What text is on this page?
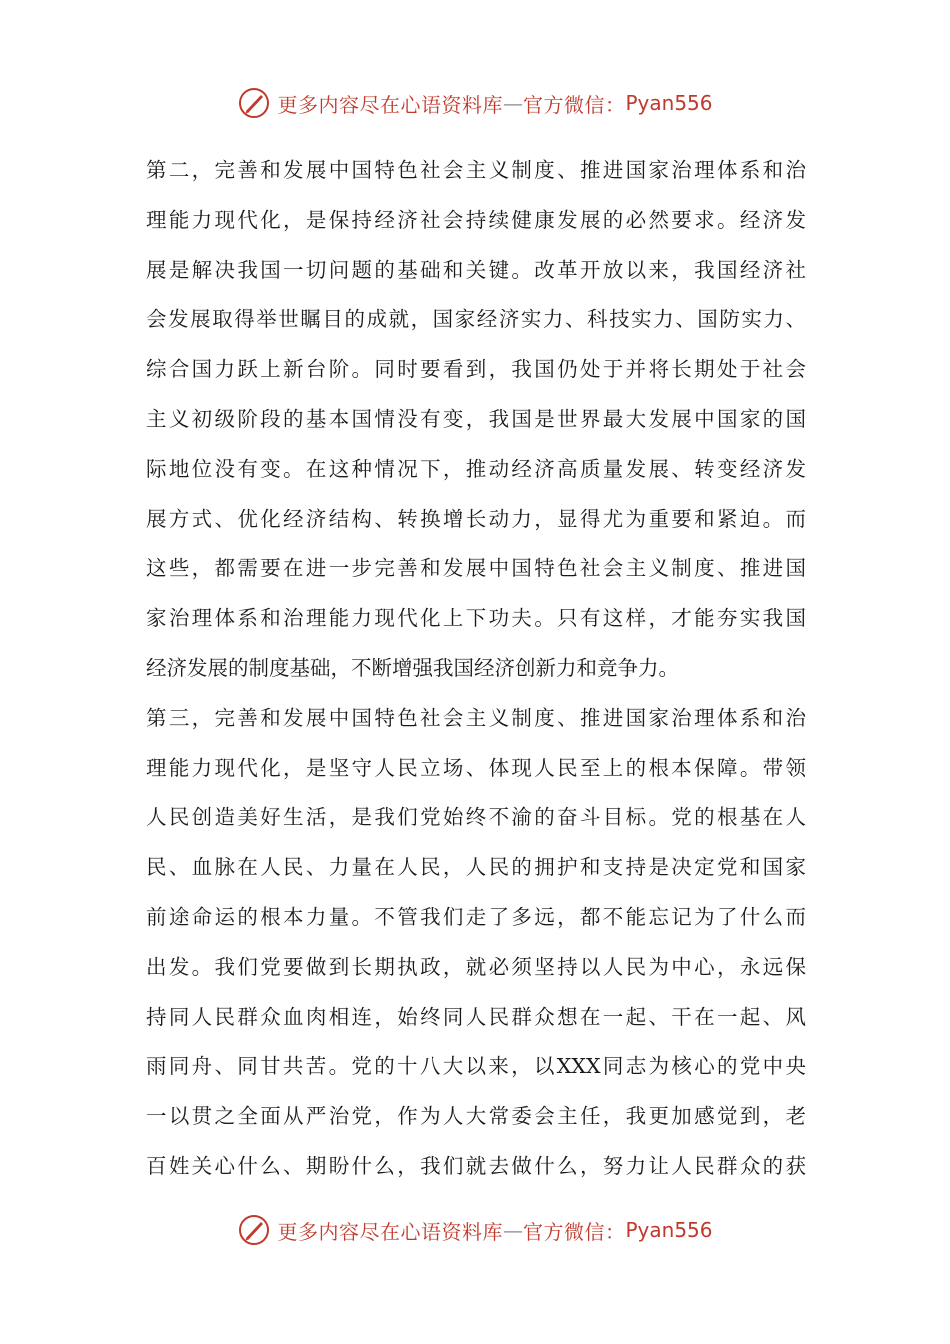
更多内容尽在心语资料库 — 官方微信： Pyan556
第二，完善和发展中国特色社会主义制度、推进国家治理体系和治
理能力现代化，是保持经济社会持续健康发展的必然要求。经济发
展是解决我国一切问题的基础和关键。改革开放以来，我国经济社
会发展取得举世瞩目的成就，国家经济实力、科技实力、国防实力、
综合国力跃上新台阶。同时要看到，我国仍处于并将长期处于社会
主义初级阶段的基本国情没有变，我国是世界最大发展中国家的国
际地位没有变。在这种情况下，推动经济高质量发展、转变经济发
展方式、优化经济结构、转换增长动力，显得尤为重要和紧迫。而
这些，都需要在进一步完善和发展中国特色社会主义制度、推进国
家治理体系和治理能力现代化上下功夫。只有这样，才能夯实我国
经济发展的制度基础，不断增强我国经济创新力和竞争力。
第三，完善和发展中国特色社会主义制度、推进国家治理体系和治
理能力现代化，是坚守人民立场、体现人民至上的根本保障。带领
人民创造美好生活，是我们党始终不渝的奋斗目标。党的根基在人
民、血脉在人民、力量在人民，人民的拥护和支持是决定党和国家
前途命运的根本力量。不管我们走了多远，都不能忘记为了什么而
出发。我们党要做到长期执政，就必须坚持以人民为中心，永远保
持同人民群众血肉相连，始终同人民群众想在一起、干在一起、风
雨同舟、同甘共苦。党的十八大以来，以XXX同志为核心的党中央
一以贯之全面从严治党，作为人大常委会主任，我更加感觉到，老
百姓关心什么、期盼什么，我们就去做什么，努力让人民群众的获
更多内容尽在心语资料库 — 官方微信： Pyan556
